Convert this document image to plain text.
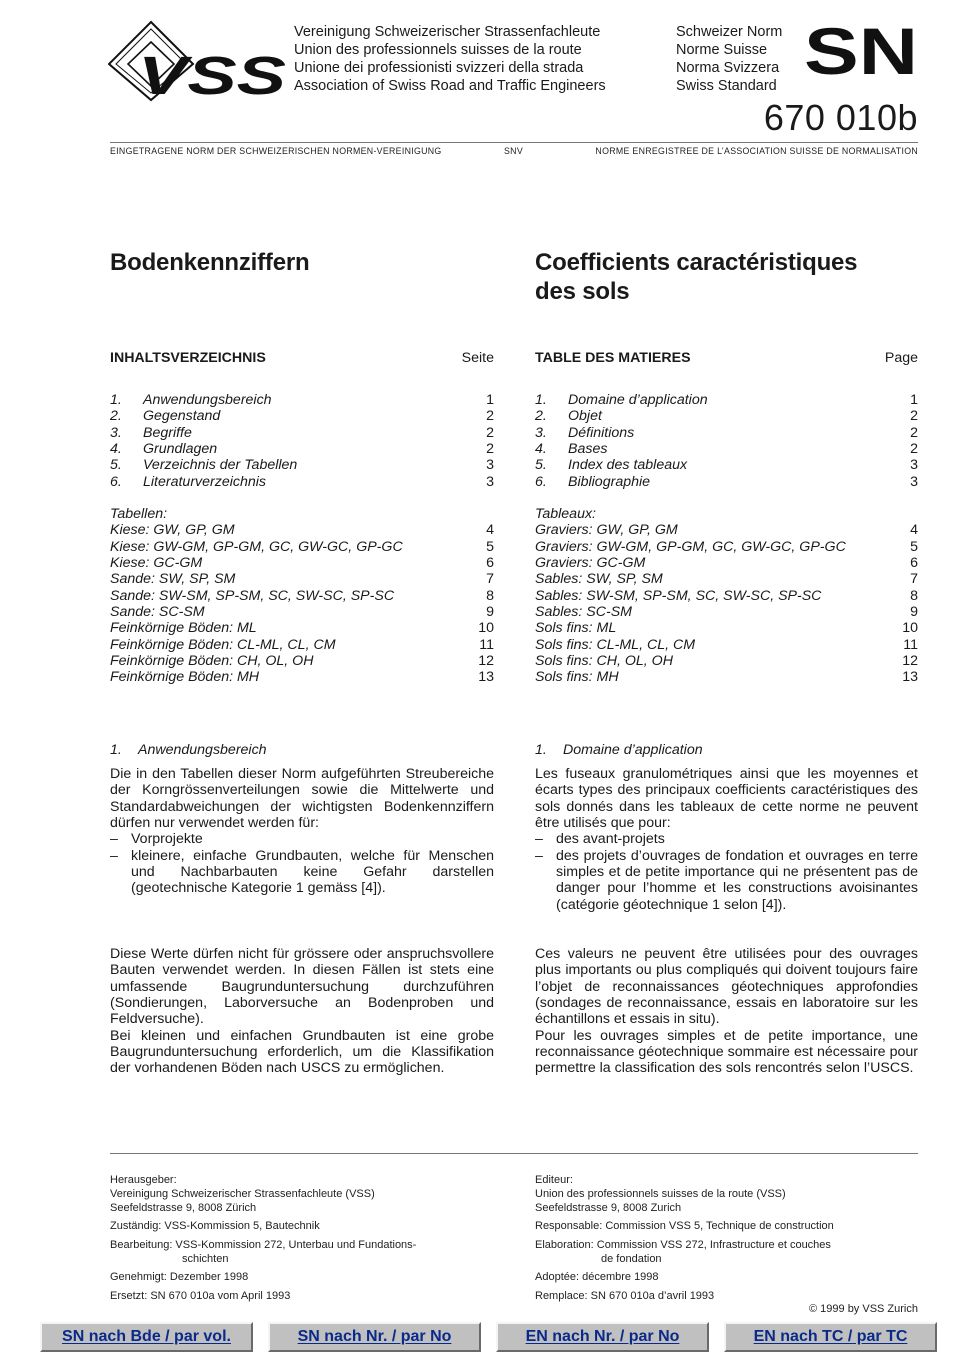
VSS
Vereinigung Schweizerischer Strassenfachleute
Union des professionnels suisses de la route
Unione dei professionisti svizzeri della strada
Association of Swiss Road and Traffic Engineers
Schweizer Norm
Norme Suisse
Norma Svizzera
Swiss Standard SN
670 010b
EINGETRAGENE NORM DER SCHWEIZERISCHEN NORMEN-VEREINIGUNG	SNV	NORME ENREGISTREE DE L’ASSOCIATION SUISSE DE NORMALISATION
Bodenkennziffern	Coefficients caractéristiques
des sols
INHALTSVERZEICHNIS	Seite
1. Anwendungsbereich	1
2. Gegenstand	2
3. Begriffe	2
4. Grundlagen	2
5. Verzeichnis der Tabellen	3
6. Literaturverzeichnis	3
Tabellen:
Kiese: GW, GP, GM	4
Kiese: GW-GM, GP-GM, GC, GW-GC, GP-GC	5
Kiese: GC-GM	6
Sande: SW, SP, SM	7
Sande: SW-SM, SP-SM, SC, SW-SC, SP-SC	8
Sande: SC-SM	9
Feinkörnige Böden: ML	10
Feinkörnige Böden: CL-ML, CL, CM	11
Feinkörnige Böden: CH, OL, OH	12
Feinkörnige Böden: MH	13
TABLE DES MATIERES	Page
1. Domaine d’application	1
2. Objet	2
3. Définitions	2
4. Bases	2
5. Index des tableaux	3
6. Bibliographie	3
Tableaux:
Graviers: GW, GP, GM	4
Graviers: GW-GM, GP-GM, GC, GW-GC, GP-GC	5
Graviers: GC-GM	6
Sables: SW, SP, SM	7
Sables: SW-SM, SP-SM, SC, SW-SC, SP-SC	8
Sables: SC-SM	9
Sols fins: ML	10
Sols fins: CL-ML, CL, CM	11
Sols fins: CH, OL, OH	12
Sols fins: MH	13
1. Anwendungsbereich	1. Domaine d’application

Die in den Tabellen dieser Norm aufgeführten Streubereiche der Korngrössenverteilungen sowie die Mittelwerte und Standardabweichungen der wichtigsten Bodenkennziffern dürfen nur verwendet werden für:

– Vorprojekte
– kleinere, einfache Grundbauten, welche für Menschen und Nachbarbauten keine Gefahr darstellen (geotechnische Kategorie 1 gemäss [4]).

Les fuseaux granulométriques ainsi que les moyennes et écarts types des principaux coefficients caractéristiques des sols donnés dans les tableaux de cette norme ne peuvent être utilisés que pour:

– des avant-projets
– des projets d’ouvrages de fondation et ouvrages en terre simples et de petite importance qui ne présentent pas de danger pour l’homme et les constructions avoisinantes (catégorie géotechnique 1 selon [4]).

Diese Werte dürfen nicht für grössere oder anspruchsvollere Bauten verwendet werden. In diesen Fällen ist stets eine umfassende Baugrunduntersuchung durchzuführen (Sondierungen, Laborversuche an Bodenproben und Feldversuche).

Bei kleinen und einfachen Grundbauten ist eine grobe Baugrunduntersuchung erforderlich, um die Klassifikation der vorhandenen Böden nach USCS zu ermöglichen.

Ces valeurs ne peuvent être utilisées pour des ouvrages plus importants ou plus compliqués qui doivent toujours faire l’objet de reconnaissances géotechniques approfondies (sondages de reconnaissance, essais en laboratoire sur les échantillons et essais in situ).

Pour les ouvrages simples et de petite importance, une reconnaissance géotechnique sommaire est nécessaire pour permettre la classification des sols rencontrés selon l’USCS.

Herausgeber:
Vereinigung Schweizerischer Strassenfachleute (VSS)
Seefeldstrasse 9, 8008 Zürich
Zuständig: VSS-Kommission 5, Bautechnik
Bearbeitung: VSS-Kommission 272, Unterbau und Fundations-
schichten
Genehmigt: Dezember 1998
Ersetzt: SN 670 010a vom April 1993
Editeur:
Union des professionnels suisses de la route (VSS)
Seefeldstrasse 9, 8008 Zurich
Responsable: Commission VSS 5, Technique de construction
Elaboration: Commission VSS 272, Infrastructure et couches
de fondation
Adoptée: décembre 1998
Remplace: SN 670 010a d’avril 1993
© 1999 by VSS Zurich
SN nach Bde / par vol.	SN nach Nr. / par No	EN nach Nr. / par No	EN nach TC / par TC
